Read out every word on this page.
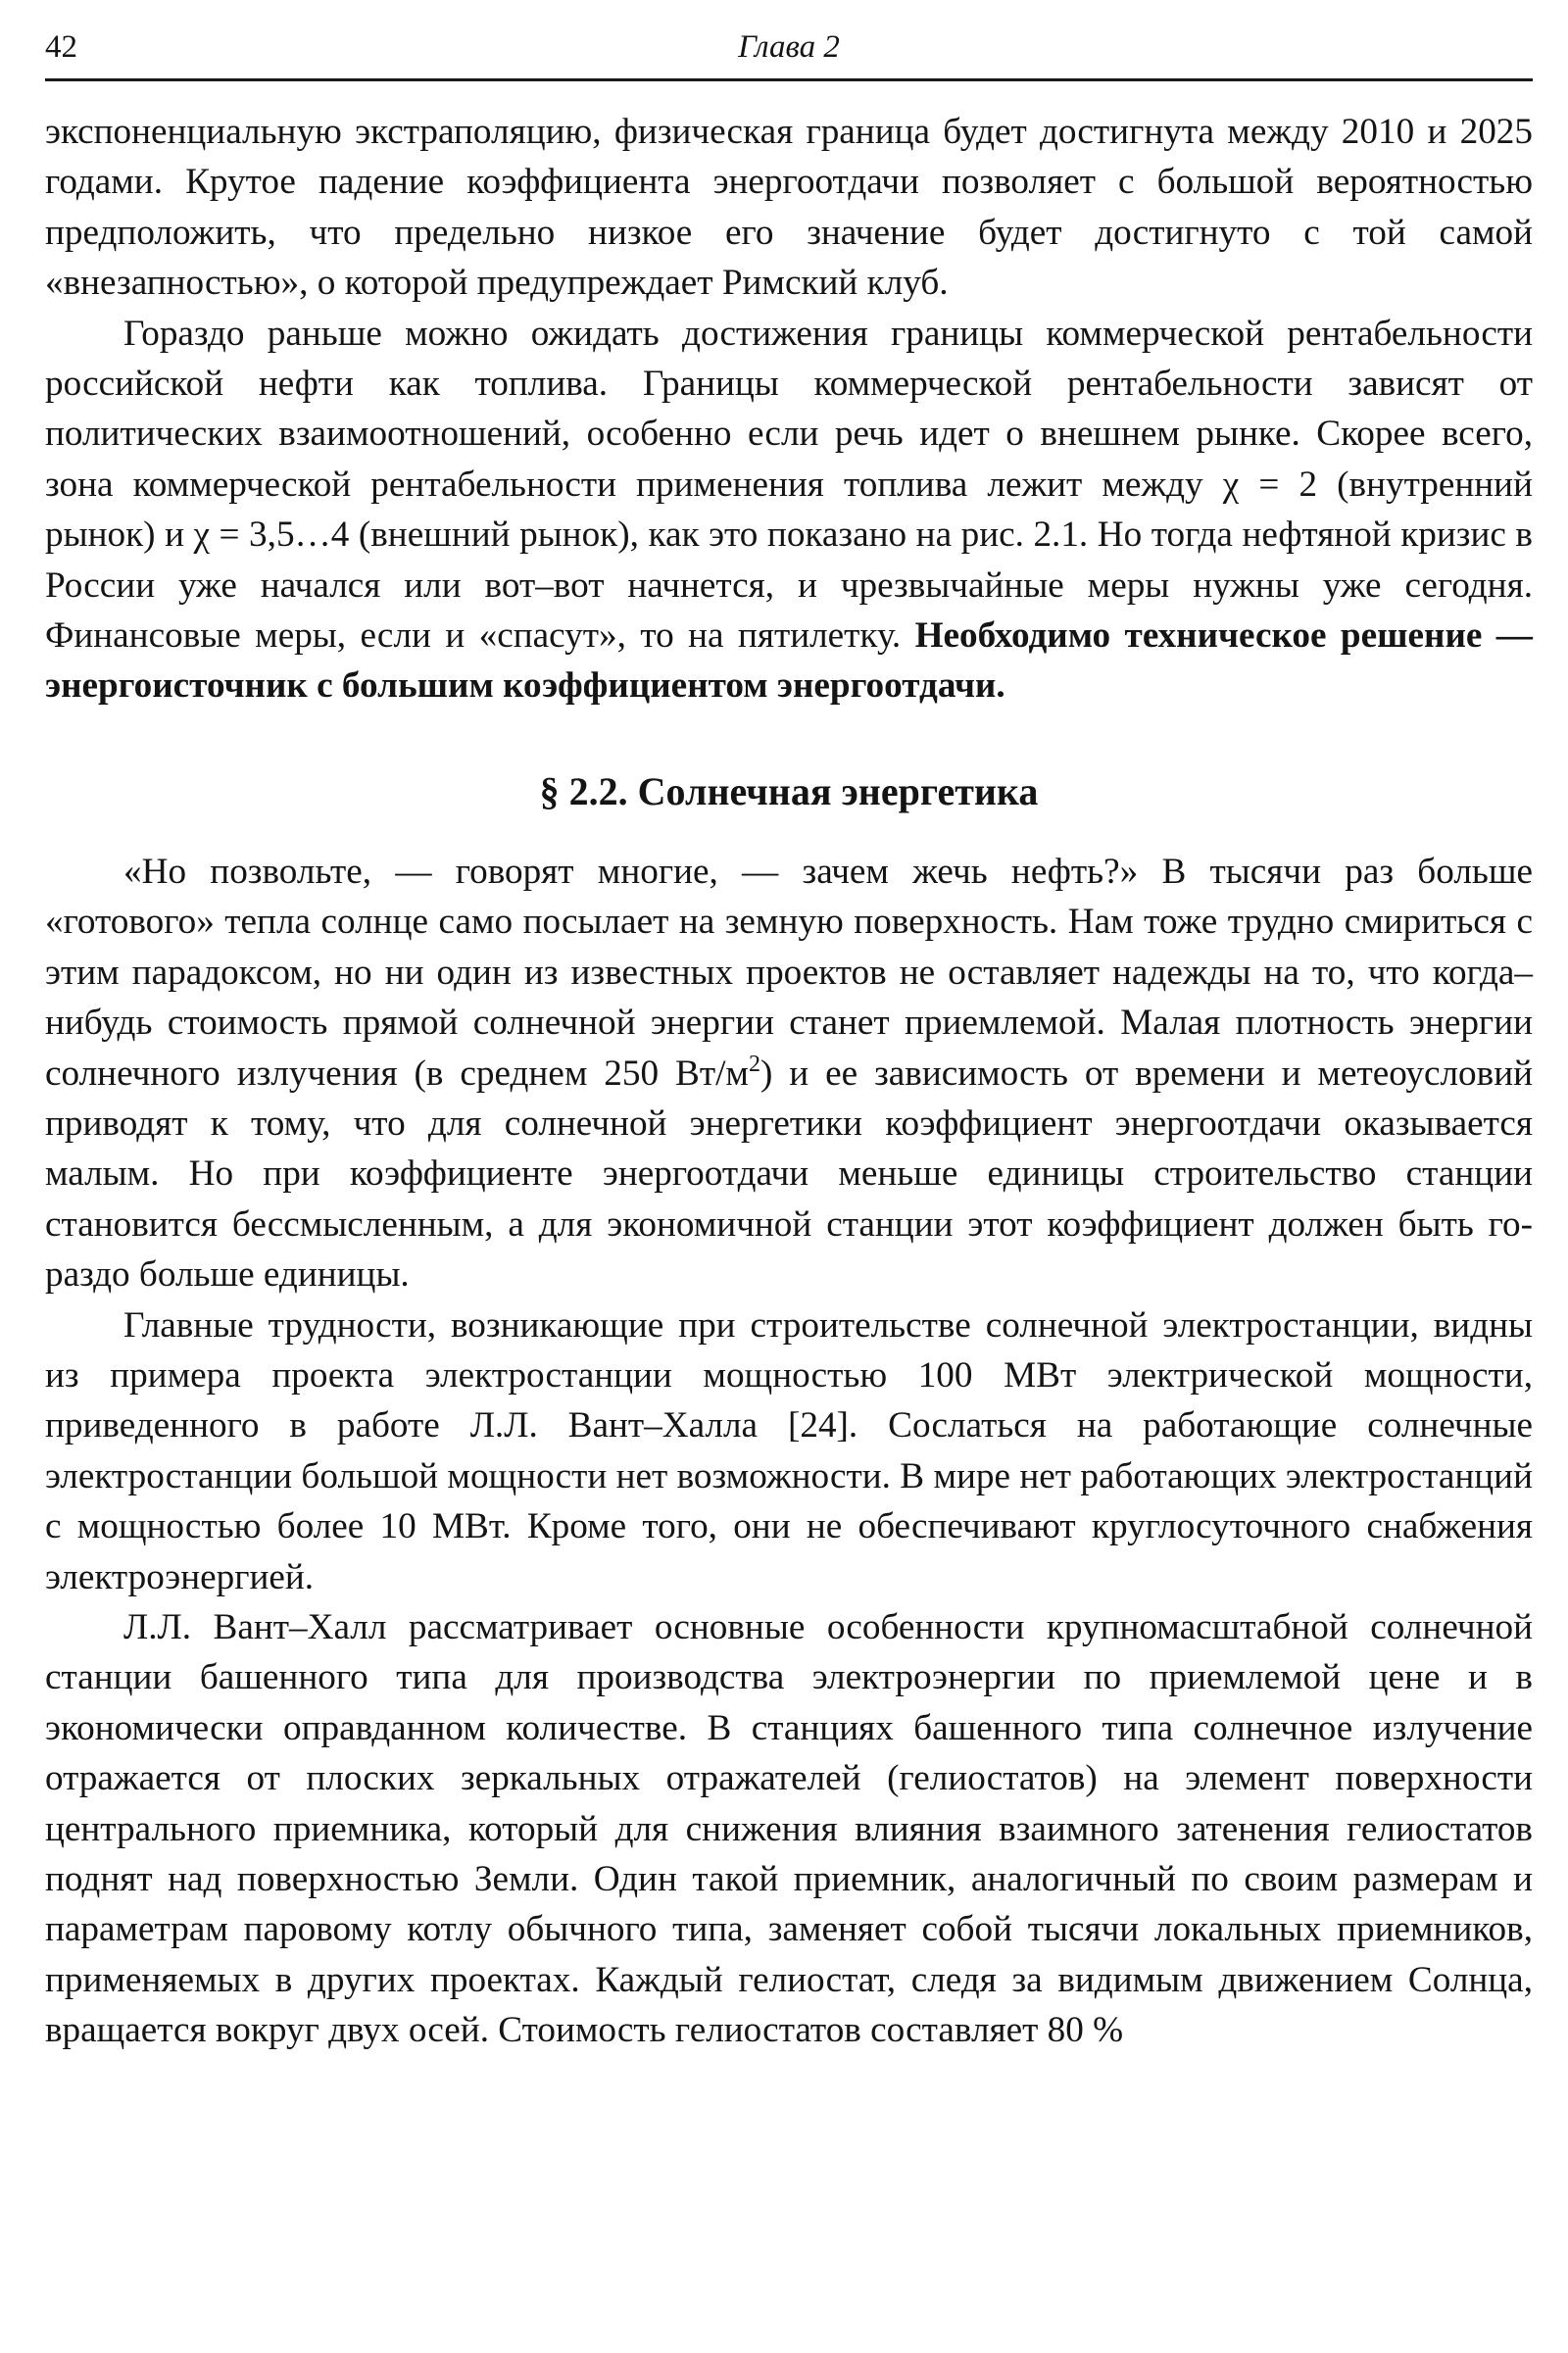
42	Глава 2

экспоненциальную экстраполяцию, физическая граница будет достигнута между 2010 и 2025 годами. Крутое падение коэффициента энергоотдачи позволяет с большой вероятностью предположить, что предельно низкое его значение будет достигнуто с той самой «внезапностью», о которой предупреждает Римский клуб.

Гораздо раньше можно ожидать достижения границы коммерческой рентабельности российской нефти как топлива. Границы коммерческой рентабельности зависят от политических взаимоотношений, особенно если речь идет о внешнем рынке. Скорее всего, зона коммерческой рентабельности применения топлива лежит между χ = 2 (внутренний рынок) и χ = 3,5…4 (внешний рынок), как это показано на рис. 2.1. Но тогда нефтяной кризис в России уже начался или вот–вот начнется, и чрезвычайные меры нужны уже сегодня. Финансовые меры, если и «спасут», то на пятилетку. Необходимо техническое решение — энергоисточник с большим коэффициентом энергоотдачи.

§ 2.2. Солнечная энергетика

«Но позвольте, — говорят многие, — зачем жечь нефть?» В тысячи раз больше «готового» тепла солнце само посылает на земную поверхность. Нам тоже трудно смириться с этим парадоксом, но ни один из известных проектов не оставляет надежды на то, что когда–нибудь стоимость прямой солнечной энергии станет приемлемой. Малая плотность энергии солнечного излучения (в среднем 250 $Вт/м^2$) и ее зависимость от времени и метеоусловий приводят к тому, что для солнечной энергетики коэффициент энергоотдачи оказывается малым. Но при коэффициенте энергоотдачи меньше единицы строительство станции становится бессмысленным, а для экономичной станции этот коэффициент должен быть гораздо больше единицы.

Главные трудности, возникающие при строительстве солнечной электростанции, видны из примера проекта электростанции мощностью 100 МВт электрической мощности, приведенного в работе Л.Л. Вант–Халла [24]. Сослаться на работающие солнечные электростанции большой мощности нет возможности. В мире нет работающих электростанций с мощностью более 10 МВт. Кроме того, они не обеспечивают круглосуточного снабжения электроэнергией.

Л.Л. Вант–Халл рассматривает основные особенности крупномасштабной солнечной станции башенного типа для производства электроэнергии по приемлемой цене и в экономически оправданном количестве. В станциях башенного типа солнечное излучение отражается от плоских зеркальных отражателей (гелиостатов) на элемент поверхности центрального приемника, который для снижения влияния взаимного затенения гелиостатов поднят над поверхностью Земли. Один такой приемник, аналогичный по своим размерам и параметрам паровому котлу обычного типа, заменяет собой тысячи локальных приемников, применяемых в других проектах. Каждый гелиостат, следя за видимым движением Солнца, вращается вокруг двух осей. Стоимость гелиостатов составляет 80 %
